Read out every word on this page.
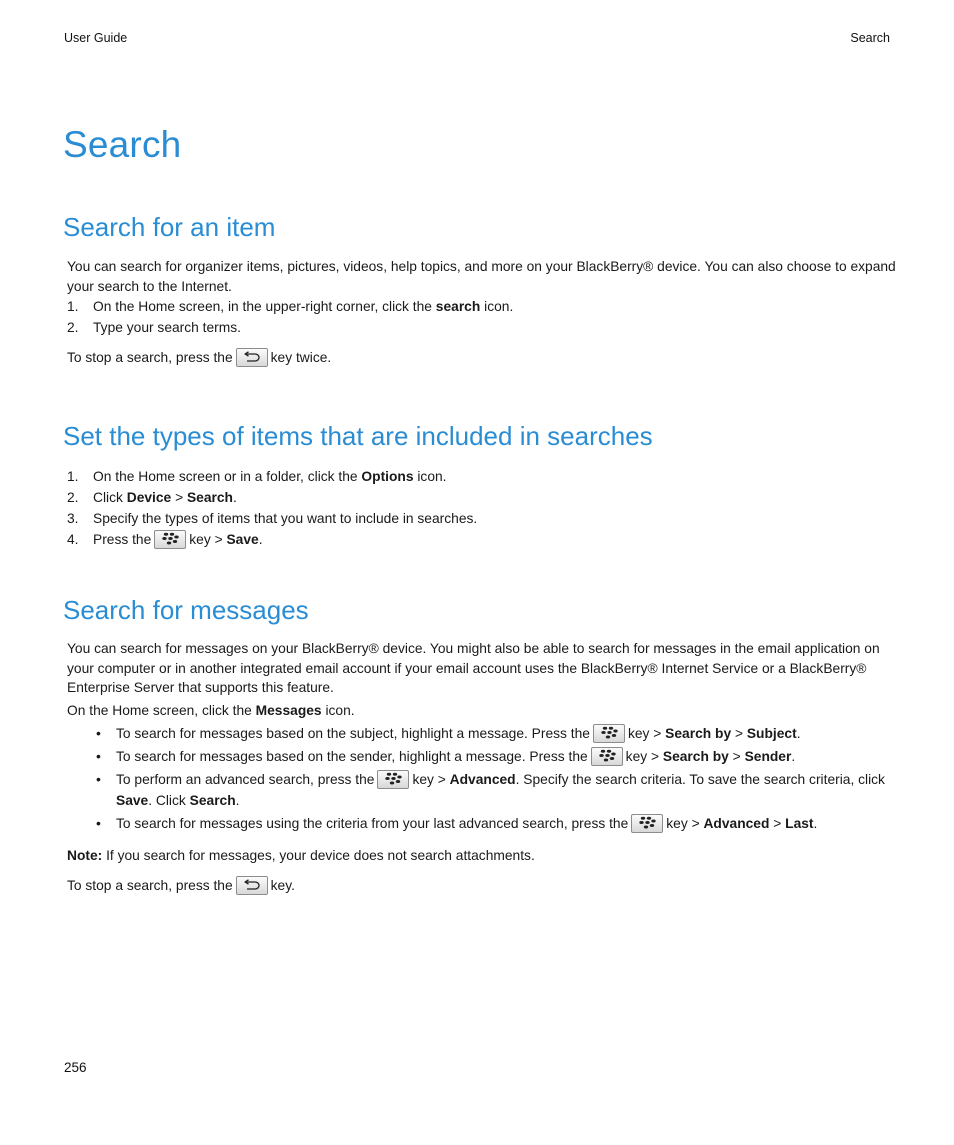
User Guide	Search
Search
Search for an item

You can search for organizer items, pictures, videos, help topics, and more on your BlackBerry® device. You can also choose to expand your search to the Internet.

1. On the Home screen, in the upper-right corner, click the search icon.
2. Type your search terms.

To stop a search, press the	key twice.

Set the types of items that are included in searches
1. On the Home screen or in a folder, click the Options icon.
2. Click Device > Search.
3. Specify the types of items that you want to include in searches.
4. Press the	key > Save.
Search for messages

You can search for messages on your BlackBerry® device. You might also be able to search for messages in the email application on your computer or in another integrated email account if your email account uses the BlackBerry® Internet Service or a BlackBerry® Enterprise Server that supports this feature.

On the Home screen, click the Messages icon.

• To search for messages based on the subject, highlight a message. Press the	key > Search by > Subject.
• To search for messages based on the sender, highlight a message. Press the	key > Search by > Sender.
• To perform an advanced search, press the	key > Advanced. Specify the search criteria. To save the search criteria, click Save. Click Search.
• To search for messages using the criteria from your last advanced search, press the	key > Advanced > Last.

Note: If you search for messages, your device does not search attachments.

To stop a search, press the	key.

256
